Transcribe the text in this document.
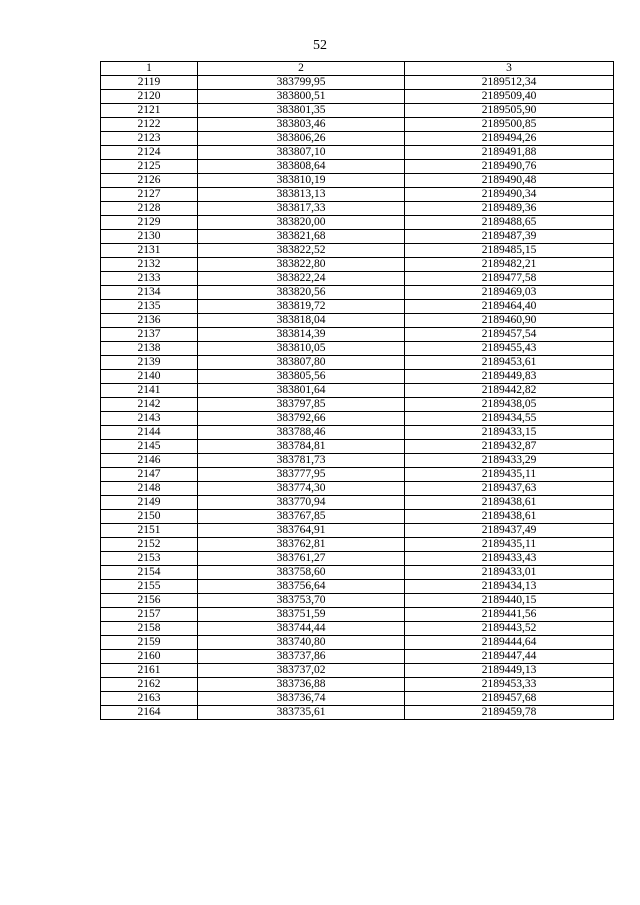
52
1	2	3
2119	383799,95	2189512,34
2120	383800,51	2189509,40
2121	383801,35	2189505,90
2122	383803,46	2189500,85
2123	383806,26	2189494,26
2124	383807,10	2189491,88
2125	383808,64	2189490,76
2126	383810,19	2189490,48
2127	383813,13	2189490,34
2128	383817,33	2189489,36
2129	383820,00	2189488,65
2130	383821,68	2189487,39
2131	383822,52	2189485,15
2132	383822,80	2189482,21
2133	383822,24	2189477,58
2134	383820,56	2189469,03
2135	383819,72	2189464,40
2136	383818,04	2189460,90
2137	383814,39	2189457,54
2138	383810,05	2189455,43
2139	383807,80	2189453,61
2140	383805,56	2189449,83
2141	383801,64	2189442,82
2142	383797,85	2189438,05
2143	383792,66	2189434,55
2144	383788,46	2189433,15
2145	383784,81	2189432,87
2146	383781,73	2189433,29
2147	383777,95	2189435,11
2148	383774,30	2189437,63
2149	383770,94	2189438,61
2150	383767,85	2189438,61
2151	383764,91	2189437,49
2152	383762,81	2189435,11
2153	383761,27	2189433,43
2154	383758,60	2189433,01
2155	383756,64	2189434,13
2156	383753,70	2189440,15
2157	383751,59	2189441,56
2158	383744,44	2189443,52
2159	383740,80	2189444,64
2160	383737,86	2189447,44
2161	383737,02	2189449,13
2162	383736,88	2189453,33
2163	383736,74	2189457,68
2164	383735,61	2189459,78
